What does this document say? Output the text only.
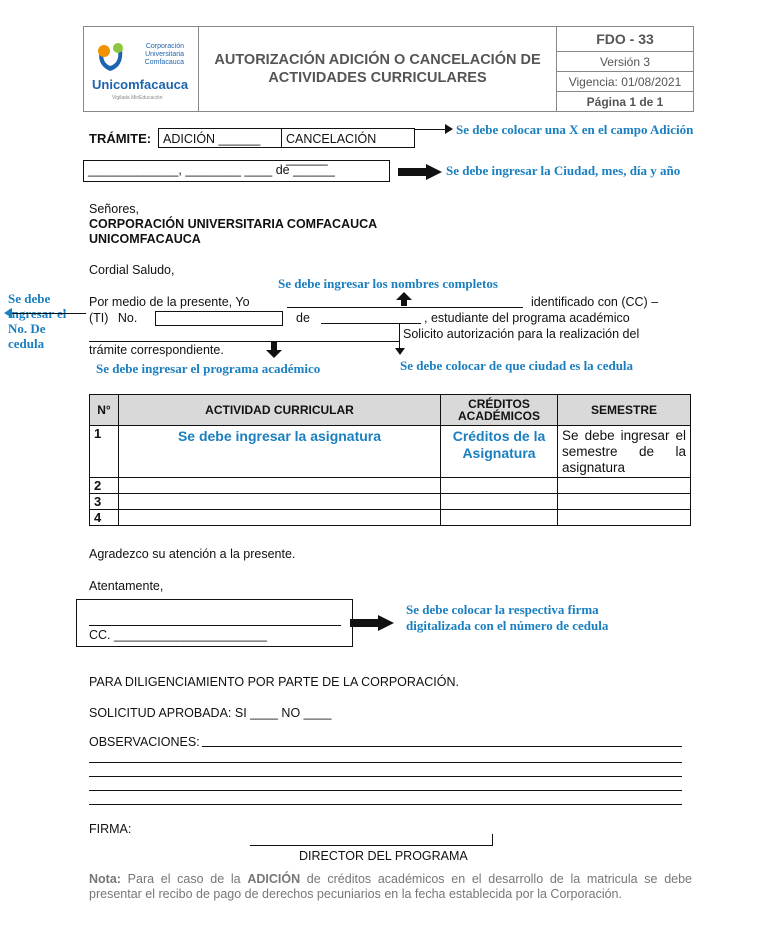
Corporación
Universitaria
Comfacauca
Unicomfacauca
Vigilada MinEducación
AUTORIZACIÓN ADICIÓN O CANCELACIÓN DE
ACTIVIDADES CURRICULARES
FDO - 33
Versión 3
Vigencia: 01/08/2021
Página 1 de 1
TRÁMITE: ADICIÓN ______	CANCELACIÓN ______
Se debe colocar una X en el campo Adición
_____________, ________ ____ de ______	Se debe ingresar la Ciudad, mes, día y año
Señores,
CORPORACIÓN UNIVERSITARIA COMFACAUCA
UNICOMFACAUCA
Cordial Saludo,
Se debe ingresar los nombres completos
Por medio de la presente, Yo	identificado con (CC) –
(TI) No.	de	, estudiante del programa académico
Solicito autorización para la realización del
trámite correspondiente.
Se debe ingresar el No. De cedula
Se debe ingresar el programa académico	Se debe colocar de que ciudad es la cedula
N°	ACTIVIDAD CURRICULAR	CRÉDITOS ACADÉMICOS	SEMESTRE
1	Se debe ingresar la asignatura	Créditos de la Asignatura	Se debe ingresar el semestre de la asignatura
2			
3			
4			
Agradezco su atención a la presente.
Atentamente,
CC. ______________________
Se debe colocar la respectiva firma
digitalizada con el número de cedula
PARA DILIGENCIAMIENTO POR PARTE DE LA CORPORACIÓN.
SOLICITUD APROBADA: SI ____ NO ____
OBSERVACIONES:
FIRMA:
DIRECTOR DEL PROGRAMA
Nota: Para el caso de la ADICIÓN de créditos académicos en el desarrollo de la matricula se debe presentar el recibo de pago de derechos pecuniarios en la fecha establecida por la Corporación.
